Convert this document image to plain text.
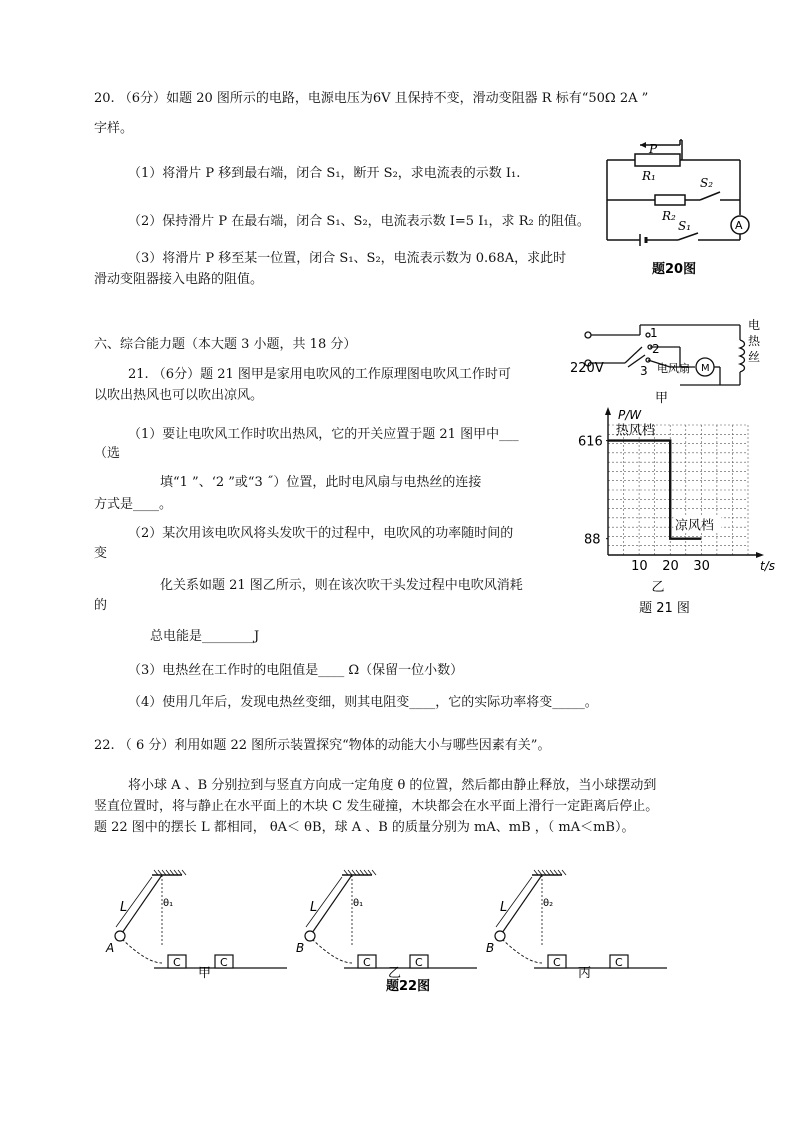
20. （6分）如题 20 图所示的电路，电源电压为6V 且保持不变，滑动变阻器 R 标有“50Ω 2A ”
字样。
（1）将滑片 P 移到最右端，闭合 S₁，断开 S₂，求电流表的示数 I₁.
（2）保持滑片 P 在最右端，闭合 S₁、S₂，电流表示数 I=5 I₁，求 R₂ 的阻值。
（3）将滑片 P 移至某一位置，闭合 S₁、S₂，电流表示数为 0.68A，求此时
滑动变阻器接入电路的阻值。
P
R₁	S₂
R₂
S₁	A
题20图
六、综合能力题（本大题 3 小题，共 18 分）
21. （6分）题 21 图甲是家用电吹风的工作原理图电吹风工作时可
以吹出热风也可以吹出凉风。
（1）要让电吹风工作时吹出热风，它的开关应置于题 21 图甲中___
（选
填“1 ”、‘2 ”或“3 ˝）位置，此时电风扇与电热丝的连接
方式是____。
（2）某次用该电吹风将头发吹干的过程中，电吹风的功率随时间的
变
化关系如题 21 图乙所示，则在该次吹干头发过程中电吹风消耗
的
总电能是________J
（3）电热丝在工作时的电阻值是____ Ω（保留一位小数）
（4）使用几年后，发现电热丝变细，则其电阻变____，它的实际功率将变_____。
220V
1
2
3 电风扇 M
电
热
丝
甲
616
88
10 20 30	t/s
P/W
热风档
凉风档
乙
题 21 图
22. （ 6 分）利用如题 22 图所示装置探究“物体的动能大小与哪些因素有关”。
将小球 A 、B 分别拉到与竖直方向成一定角度 θ 的位置，然后都由静止释放，当小球摆动到
竖直位置时，将与静止在水平面上的木块 C 发生碰撞，木块都会在水平面上滑行一定距离后停止。
题 22 图中的摆长 L 都相同， θA＜ θB，球 A 、B 的质量分别为 mA、mB ，（ mA＜mB）。
题22图
L	θ₁
A
C	C
甲
L	θ₁
B
C	C
乙
L	θ₂
B
C	C
丙
